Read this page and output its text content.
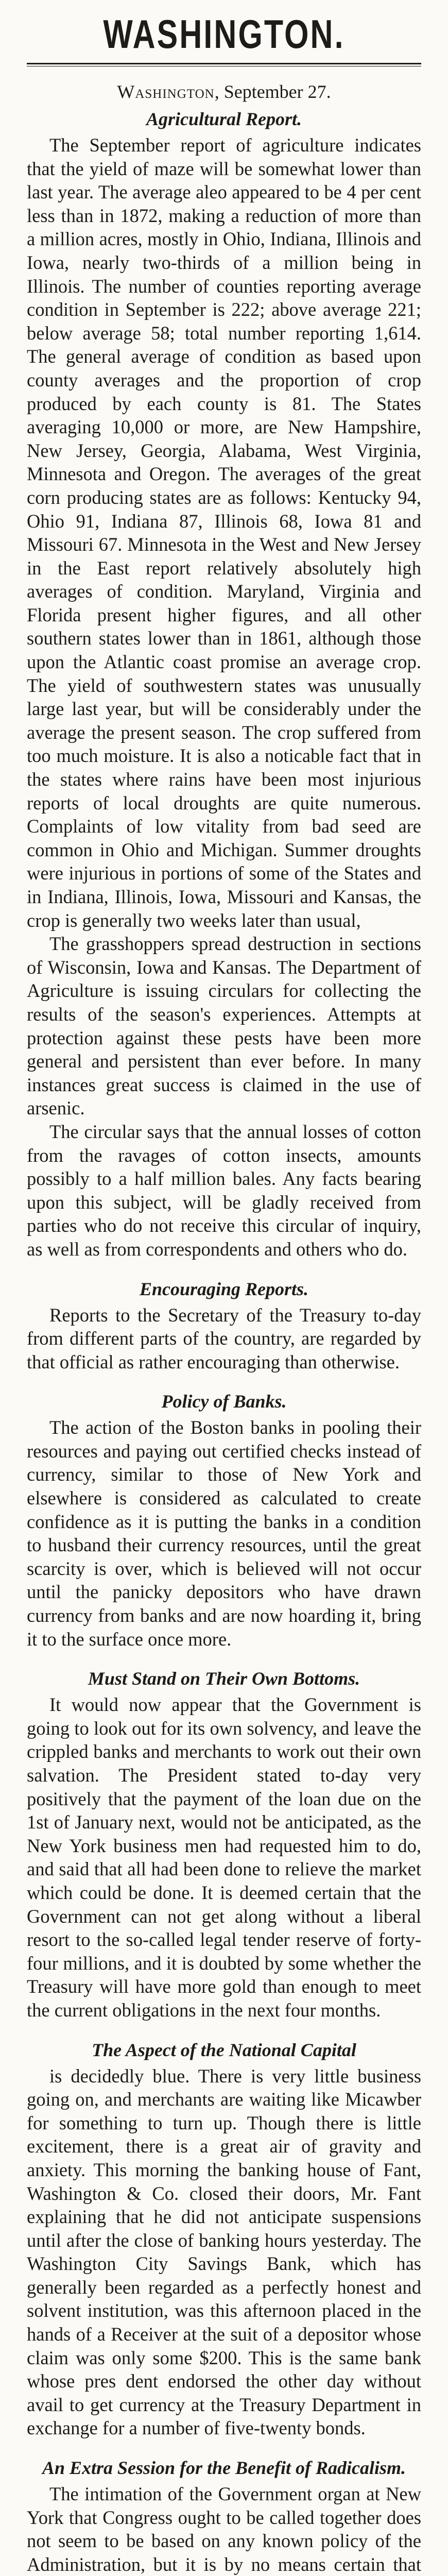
WASHINGTON.

Washington, September 27.

Agricultural Report.

The September report of agriculture indicates that the yield of maze will be somewhat lower than last year. The average aleo appeared to be 4 per cent less than in 1872, making a reduction of more than a million acres, mostly in Ohio, Indiana, Illinois and Iowa, nearly two-thirds of a million being in Illinois. The number of counties reporting average condition in September is 222; above average 221; below average 58; total number reporting 1,614. The general average of condition as based upon county averages and the proportion of crop produced by each county is 81. The States averaging 10,000 or more, are New Hampshire, New Jersey, Georgia, Alabama, West Virginia, Minnesota and Oregon. The averages of the great corn producing states are as follows: Kentucky 94, Ohio 91, Indiana 87, Illinois 68, Iowa 81 and Missouri 67. Minnesota in the West and New Jersey in the East report relatively absolutely high averages of condition. Maryland, Virginia and Florida present higher figures, and all other southern states lower than in 1861, although those upon the Atlantic coast promise an average crop. The yield of southwestern states was unusually large last year, but will be considerably under the average the present season. The crop suffered from too much moisture. It is also a noticable fact that in the states where rains have been most injurious reports of local droughts are quite numerous. Complaints of low vitality from bad seed are common in Ohio and Michigan. Summer droughts were injurious in portions of some of the States and in Indiana, Illinois, Iowa, Missouri and Kansas, the crop is generally two weeks later than usual,

The grasshoppers spread destruction in sections of Wisconsin, Iowa and Kansas. The Department of Agriculture is issuing circulars for collecting the results of the season's experiences. Attempts at protection against these pests have been more general and persistent than ever before. In many instances great success is claimed in the use of arsenic.

The circular says that the annual losses of cotton from the ravages of cotton insects, amounts possibly to a half million bales. Any facts bearing upon this subject, will be gladly received from parties who do not receive this circular of inquiry, as well as from correspondents and others who do.

Encouraging Reports.

Reports to the Secretary of the Treasury to-day from different parts of the country, are regarded by that official as rather encouraging than otherwise.

Policy of Banks.

The action of the Boston banks in pooling their resources and paying out certified checks instead of currency, similar to those of New York and elsewhere is considered as calculated to create confidence as it is putting the banks in a condition to husband their currency resources, until the great scarcity is over, which is believed will not occur until the panicky depositors who have drawn currency from banks and are now hoarding it, bring it to the surface once more.

Must Stand on Their Own Bottoms.

It would now appear that the Government is going to look out for its own solvency, and leave the crippled banks and merchants to work out their own salvation. The President stated to-day very positively that the payment of the loan due on the 1st of January next, would not be anticipated, as the New York business men had requested him to do, and said that all had been done to relieve the market which could be done. It is deemed certain that the Government can not get along without a liberal resort to the so-called legal tender reserve of forty-four millions, and it is doubted by some whether the Treasury will have more gold than enough to meet the current obligations in the next four months.

The Aspect of the National Capital

is decidedly blue. There is very little business going on, and merchants are waiting like Micawber for something to turn up. Though there is little excitement, there is a great air of gravity and anxiety. This morning the banking house of Fant, Washington & Co. closed their doors, Mr. Fant explaining that he did not anticipate suspensions until after the close of banking hours yesterday. The Washington City Savings Bank, which has generally been regarded as a perfectly honest and solvent institution, was this afternoon placed in the hands of a Receiver at the suit of a depositor whose claim was only some $200. This is the same bank whose pres dent endorsed the other day without avail to get currency at the Treasury Department in exchange for a number of five-twenty bonds.

An Extra Session for the Benefit of Radicalism.

The intimation of the Government organ at New York that Congress ought to be called together does not seem to be based on any known policy of the Administration, but it is by no means certain that
